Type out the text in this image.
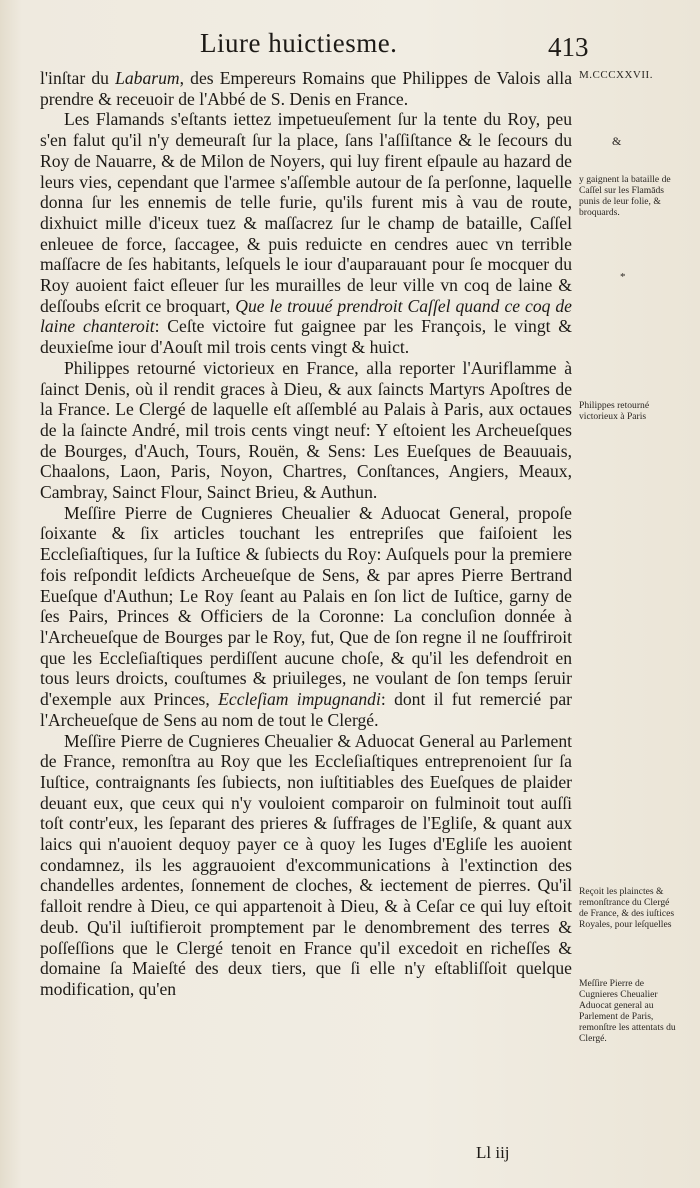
Liure huictiesme.	413

l'inſtar du Labarum, des Empereurs Romains que Philippes de Valois alla prendre & receuoir de l'Abbé de S. Denis en France.

Les Flamands s'eſtants iettez impetueuſement ſur la tente du Roy, peu s'en falut qu'il n'y demeuraſt ſur la place, ſans l'aſſiſtance & le ſecours du Roy de Nauarre, & de Milon de Noyers, qui luy firent eſpaule au hazard de leurs vies, cependant que l'armee s'aſſemble autour de ſa perſonne, laquelle donna ſur les ennemis de telle furie, qu'ils furent mis à vau de route, dixhuict mille d'iceux tuez & maſſacrez ſur le champ de bataille, Caſſel enleuee de force, ſaccagee, & puis reduicte en cendres auec vn terrible maſſacre de ſes habitants, leſquels le iour d'auparauant pour ſe mocquer du Roy auoient faict eſleuer ſur les murailles de leur ville vn coq de laine & deſſoubs eſcrit ce broquart, Que le trouué prendroit Caſſel quand ce coq de laine chanteroit: Ceſte victoire fut gaignee par les François, le vingt & deuxieſme iour d'Aouſt mil trois cents vingt & huict.

Philippes retourné victorieux en France, alla reporter l'Auriflamme à ſainct Denis, où il rendit graces à Dieu, & aux ſaincts Martyrs Apoſtres de la France. Le Clergé de laquelle eſt aſſemblé au Palais à Paris, aux octaues de la ſaincte André, mil trois cents vingt neuf: Y eſtoient les Archeueſques de Bourges, d'Auch, Tours, Rouën, & Sens: Les Eueſques de Beauuais, Chaalons, Laon, Paris, Noyon, Chartres, Conſtances, Angiers, Meaux, Cambray, Sainct Flour, Sainct Brieu, & Authun.

Meſſire Pierre de Cugnieres Cheualier & Aduocat General, propoſe ſoixante & ſix articles touchant les entrepriſes que faiſoient les Eccleſiaſtiques, ſur la Iuſtice & ſubiects du Roy: Auſquels pour la premiere fois reſpondit leſdicts Archeueſque de Sens, & par apres Pierre Bertrand Eueſque d'Authun; Le Roy ſeant au Palais en ſon lict de Iuſtice, garny de ſes Pairs, Princes & Officiers de la Coronne: La concluſion donnée à l'Archeueſque de Bourges par le Roy, fut, Que de ſon regne il ne ſouffriroit que les Eccleſiaſtiques perdiſſent aucune choſe, & qu'il les defendroit en tous leurs droicts, couſtumes & priuileges, ne voulant de ſon temps ſeruir d'exemple aux Princes, Eccleſiam impugnandi: dont il fut remercié par l'Archeueſque de Sens au nom de tout le Clergé.

Meſſire Pierre de Cugnieres Cheualier & Aduocat General au Parlement de France, remonſtra au Roy que les Eccleſiaſtiques entreprenoient ſur ſa Iuſtice, contraignants ſes ſubiects, non iuſtitiables des Eueſques de plaider deuant eux, que ceux qui n'y vouloient comparoir on fulminoit tout auſſi toſt contr'eux, les ſeparant des prieres & ſuffrages de l'Egliſe, & quant aux laics qui n'auoient dequoy payer ce à quoy les Iuges d'Egliſe les auoient condamnez, ils les aggrauoient d'excommunications à l'extinction des chandelles ardentes, ſonnement de cloches, & iectement de pierres. Qu'il falloit rendre à Dieu, ce qui appartenoit à Dieu, & à Ceſar ce qui luy eſtoit deub. Qu'il iuſtifieroit promptement par le denombrement des terres & poſſeſſions que le Clergé tenoit en France qu'il excedoit en richeſſes & domaine ſa Maieſté des deux tiers, que ſi elle n'y eſtabliſſoit quelque modification, qu'en

M.CCCXXVII.
&
y gaignent la bataille de Caſſel sur les Flamāds punis de leur folie, & broquards.
*
Philippes retourné victorieux à Paris
Reçoit les plainctes & remonſtrance du Clergé de France, & des iuſtices Royales, pour leſquelles
Meſſire Pierre de Cugnieres Cheualier Aduocat general au Parlement de Paris, remonſtre les attentats du Clergé.
Ll iij
